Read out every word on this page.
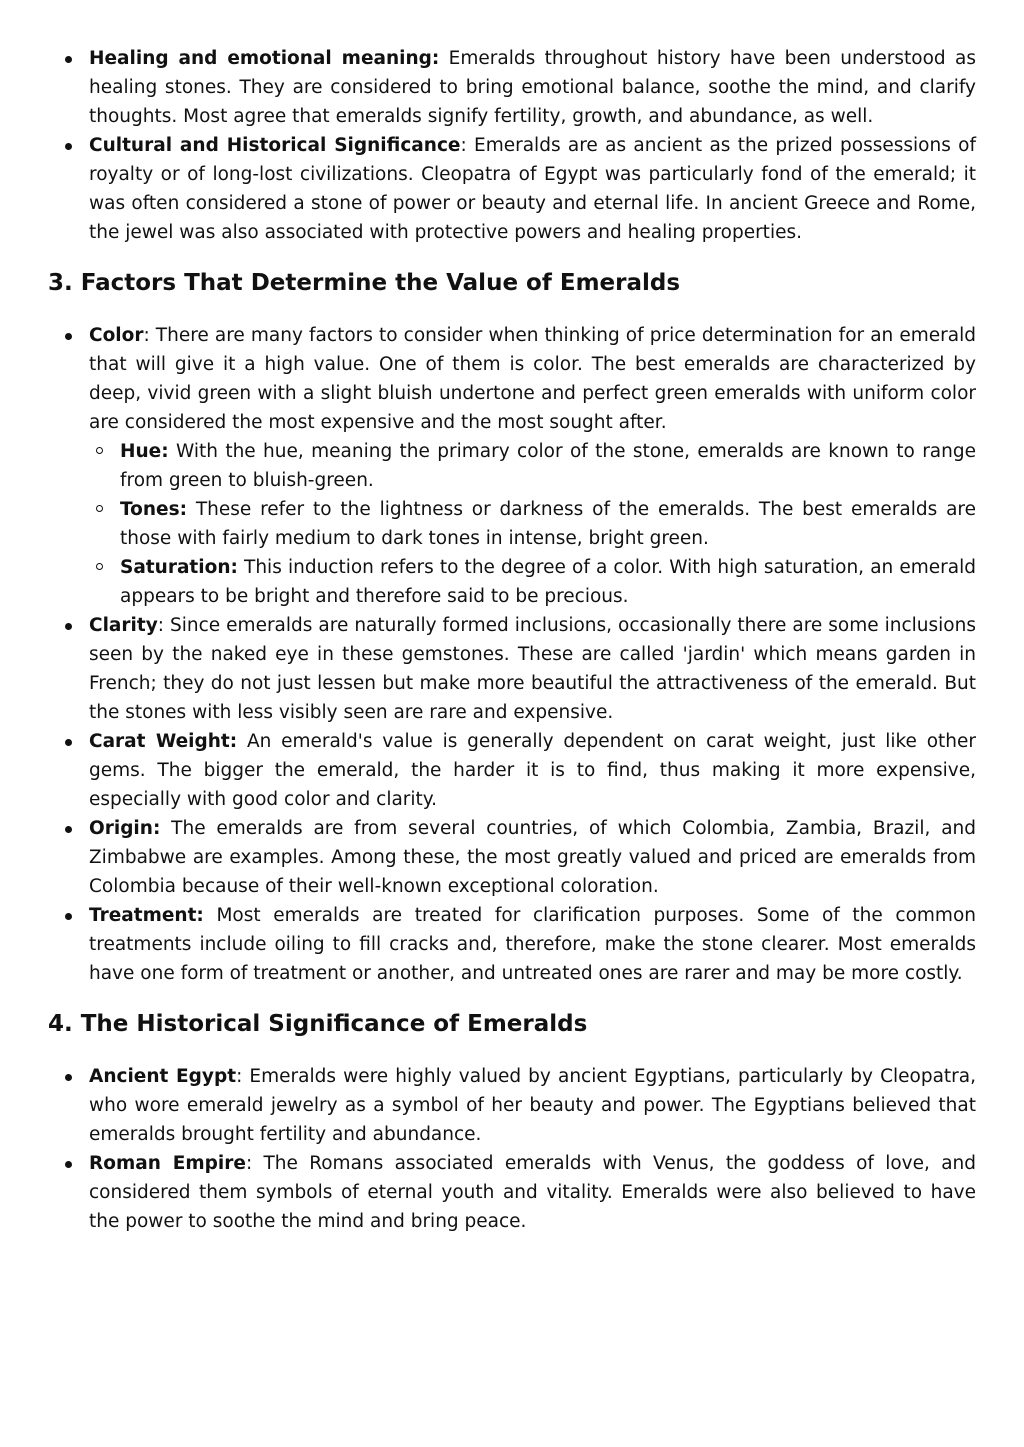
Healing and emotional meaning: Emeralds throughout history have been understood as healing stones. They are considered to bring emotional balance, soothe the mind, and clarify thoughts. Most agree that emeralds signify fertility, growth, and abundance, as well.
Cultural and Historical Significance: Emeralds are as ancient as the prized possessions of royalty or of long-lost civilizations. Cleopatra of Egypt was particularly fond of the emerald; it was often considered a stone of power or beauty and eternal life. In ancient Greece and Rome, the jewel was also associated with protective powers and healing properties.
3. Factors That Determine the Value of Emeralds
Color: There are many factors to consider when thinking of price determination for an emerald that will give it a high value. One of them is color. The best emeralds are characterized by deep, vivid green with a slight bluish undertone and perfect green emeralds with uniform color are considered the most expensive and the most sought after.
Hue: With the hue, meaning the primary color of the stone, emeralds are known to range from green to bluish-green.
Tones: These refer to the lightness or darkness of the emeralds. The best emeralds are those with fairly medium to dark tones in intense, bright green.
Saturation: This induction refers to the degree of a color. With high saturation, an emerald appears to be bright and therefore said to be precious.
Clarity: Since emeralds are naturally formed inclusions, occasionally there are some inclusions seen by the naked eye in these gemstones. These are called 'jardin' which means garden in French; they do not just lessen but make more beautiful the attractiveness of the emerald. But the stones with less visibly seen are rare and expensive.
Carat Weight: An emerald's value is generally dependent on carat weight, just like other gems. The bigger the emerald, the harder it is to find, thus making it more expensive, especially with good color and clarity.
Origin: The emeralds are from several countries, of which Colombia, Zambia, Brazil, and Zimbabwe are examples. Among these, the most greatly valued and priced are emeralds from Colombia because of their well-known exceptional coloration.
Treatment: Most emeralds are treated for clarification purposes. Some of the common treatments include oiling to fill cracks and, therefore, make the stone clearer. Most emeralds have one form of treatment or another, and untreated ones are rarer and may be more costly.
4. The Historical Significance of Emeralds
Ancient Egypt: Emeralds were highly valued by ancient Egyptians, particularly by Cleopatra, who wore emerald jewelry as a symbol of her beauty and power. The Egyptians believed that emeralds brought fertility and abundance.
Roman Empire: The Romans associated emeralds with Venus, the goddess of love, and considered them symbols of eternal youth and vitality. Emeralds were also believed to have the power to soothe the mind and bring peace.
